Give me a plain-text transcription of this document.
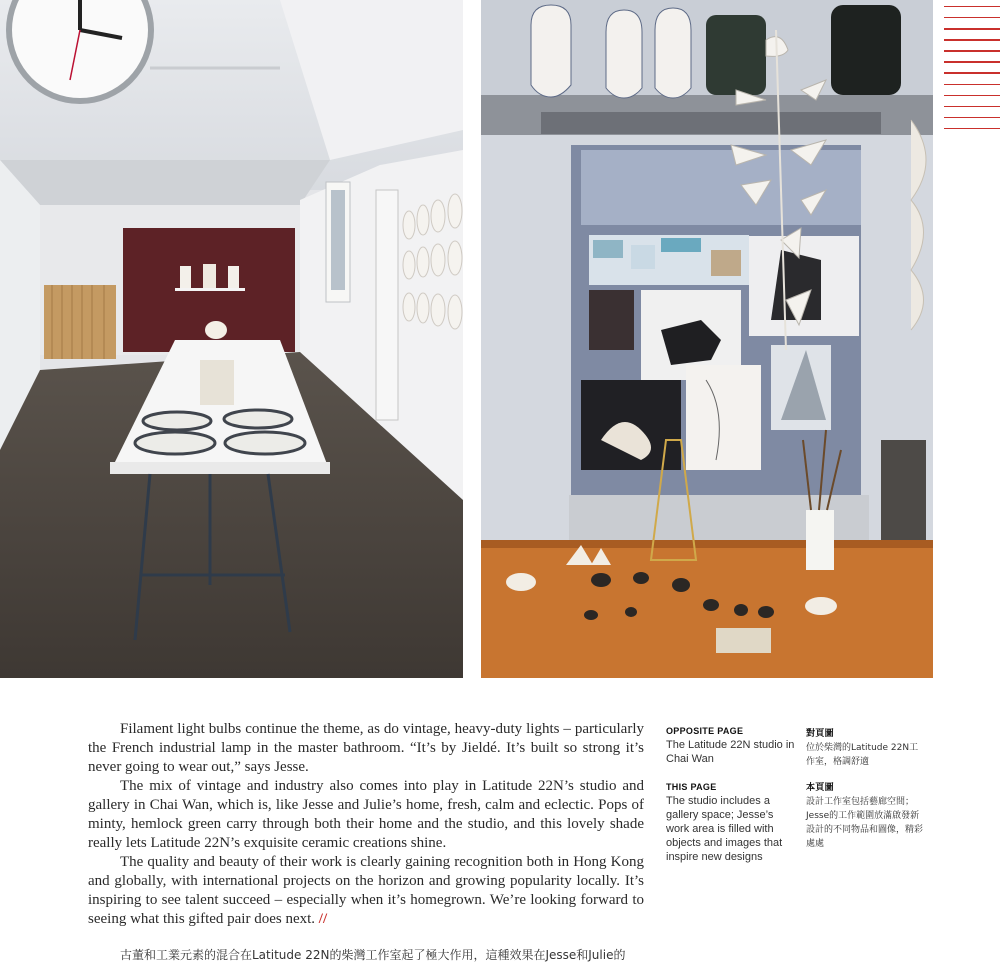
Filament light bulbs continue the theme, as do vintage, heavy-duty lights – particularly the French industrial lamp in the master bathroom. “It’s by Jieldé. It’s built so strong it’s never going to wear out,” says Jesse.

The mix of vintage and industry also comes into play in Latitude 22N’s studio and gallery in Chai Wan, which is, like Jesse and Julie’s home, fresh, calm and eclectic. Pops of minty, hemlock green carry through both their home and the studio, and this lovely shade really lets Latitude 22N’s exquisite ceramic creations shine.

The quality and beauty of their work is clearly gaining recognition both in Hong Kong and globally, with international projects on the horizon and growing popularity locally. It’s inspiring to see talent succeed – especially when it’s homegrown. We’re looking forward to seeing what this gifted pair does next. //

古董和工業元素的混合在Latitude 22N的柴灣工作室起了極大作用，這種效果在Jesse和Julie的
OPPOSITE PAGE
The Latitude 22N studio in Chai Wan
THIS PAGE
The studio includes a gallery space; Jesse’s work area is filled with objects and images that inspire new designs
對頁圖
位於柴灣的Latitude 22N工作室，格調舒適
本頁圖
設計工作室包括藝廊空間；Jesse的工作範圍放滿啟發新設計的不同物品和圖像，精彩處處
